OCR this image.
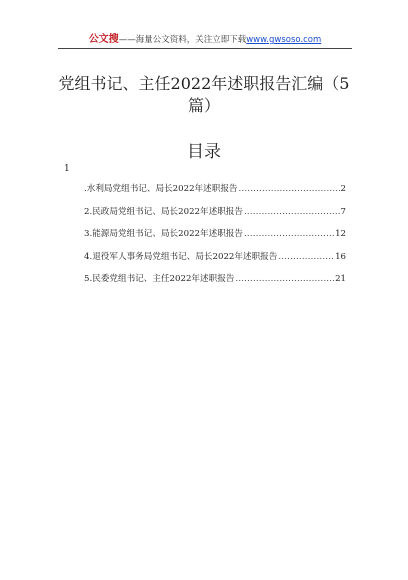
公文搜——海量公文资料，关注立即下载www.gwsoso.com
党组书记、主任2022年述职报告汇编（5篇）
目录
1
.水利局党组书记、局长2022年述职报告 .....	2
2.民政局党组书记、局长2022年述职报告 .....	7
3.能源局党组书记、局长2022年述职报告 .....	12
4.退役军人事务局党组书记、局长2022年述职报告 .....	16
5.民委党组书记、主任2022年述职报告 .....	21
